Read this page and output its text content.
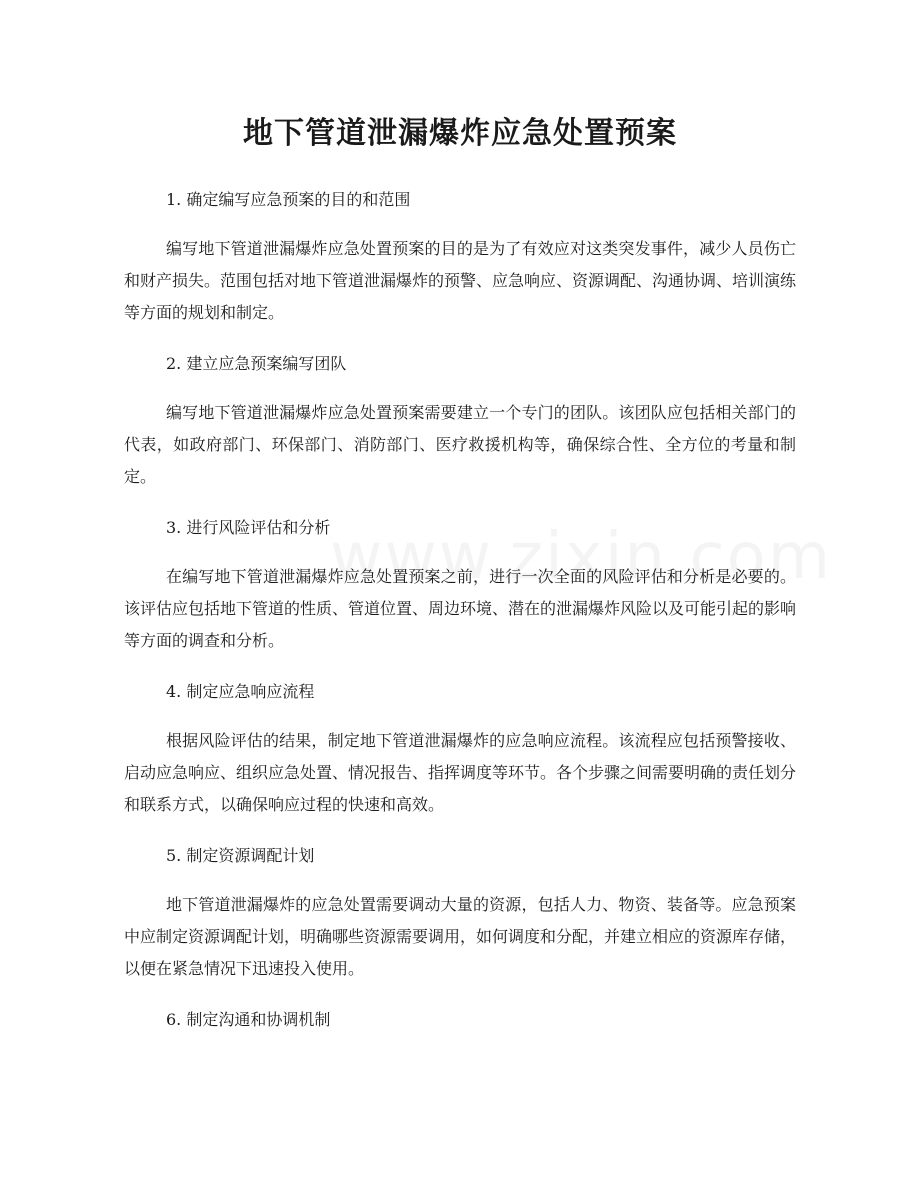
地下管道泄漏爆炸应急处置预案

1. 确定编写应急预案的目的和范围

编写地下管道泄漏爆炸应急处置预案的目的是为了有效应对这类突发事件，减少人员伤亡和财产损失。范围包括对地下管道泄漏爆炸的预警、应急响应、资源调配、沟通协调、培训演练等方面的规划和制定。

2. 建立应急预案编写团队

编写地下管道泄漏爆炸应急处置预案需要建立一个专门的团队。该团队应包括相关部门的代表，如政府部门、环保部门、消防部门、医疗救援机构等，确保综合性、全方位的考量和制定。

3. 进行风险评估和分析

在编写地下管道泄漏爆炸应急处置预案之前，进行一次全面的风险评估和分析是必要的。该评估应包括地下管道的性质、管道位置、周边环境、潜在的泄漏爆炸风险以及可能引起的影响等方面的调查和分析。

4. 制定应急响应流程

根据风险评估的结果，制定地下管道泄漏爆炸的应急响应流程。该流程应包括预警接收、启动应急响应、组织应急处置、情况报告、指挥调度等环节。各个步骤之间需要明确的责任划分和联系方式，以确保响应过程的快速和高效。

5. 制定资源调配计划

地下管道泄漏爆炸的应急处置需要调动大量的资源，包括人力、物资、装备等。应急预案中应制定资源调配计划，明确哪些资源需要调用，如何调度和分配，并建立相应的资源库存储，以便在紧急情况下迅速投入使用。

6. 制定沟通和协调机制
